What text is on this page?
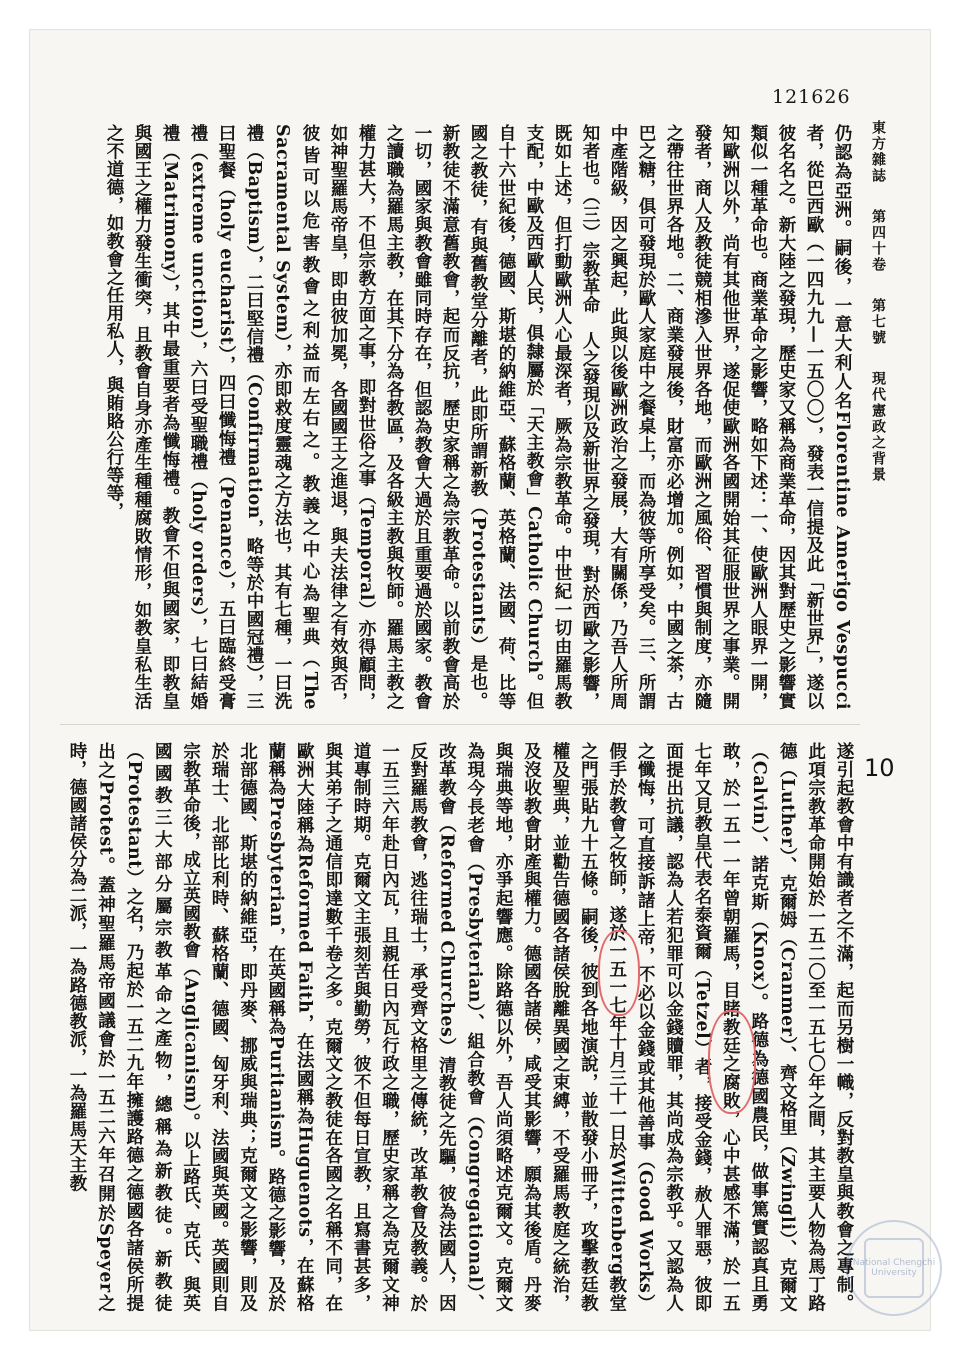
121626
東方雜誌 第四十卷 第七號 現代憲政之背景
仍認為亞洲。嗣後，一意大利人名Florentine Amerigo Vespucci者，從巴西歐（一四九九—一五〇〇），發表一信提及此「新世界」，遂以彼名名之。新大陸之發現，歷史家又稱為商業革命，因其對歷史之影響實類似一種革命也。商業革命之影響，略如下述：一、使歐洲人眼界一開，知歐洲以外，尚有其他世界，遂促使歐洲各國開始其征服世界之事業。開發者，商人及教徒競相滲入世界各地，而歐洲之風俗、習慣與制度，亦隨之帶往世界各地。二、商業發展後，財富亦必增加。例如，中國之茶，古巴之糖，俱可發現於歐人家庭中之餐桌上，而為彼等所享受矣。三、所謂中產階級，因之興起，此與以後歐洲政治之發展，大有關係，乃吾人所周知者也。（三）宗教革命　人之發現以及新世界之發現，對於西歐之影響，既如上述，但打動歐洲人心最深者，厥為宗教革命。中世紀一切由羅馬教支配，中歐及西歐人民，俱隸屬於「天主教會」Catholic Church。但自十六世紀後，德國、斯堪的納維亞、蘇格蘭、英格蘭、法國、荷、比等國之教徒，有與舊教堂分離者，此即所謂新教（Protestants）是也。新教徒不滿意舊教會，起而反抗，歷史家稱之為宗教革命。以前教會高於一切，國家與教會雖同時存在，但認為教會大過於且重要過於國家。教會之讀職為羅馬主教，在其下分為各教區，及各級主教與牧師。羅馬主教之權力甚大，不但宗教方面之事，即對世俗之事（Temporal）亦得顧問，如神聖羅馬帝皇，即由彼加冕，各國國王之進退，與夫法律之有效與否，彼皆可以危害教會之利益而左右之。教義之中心為聖典（The Sacramental System），亦即救度靈魂之方法也，其有七種，一曰洗禮（Baptism），二曰堅信禮（Confirmation，略等於中國冠禮），三曰聖餐（holy eucharist），四曰懺悔禮（Penance），五曰臨終受膏禮（extreme unction），六曰受聖職禮（holy orders），七曰結婚禮（Matrimony），其中最重要者為懺悔禮。教會不但與國家，即教皇與國王之權力發生衝突，且教會自身亦產生種種腐敗情形，如教皇私生活之不道德，如教會之任用私人，與賄賂公行等等，
遂引起教會中有識者之不滿，起而另樹一幟，反對教皇與教會之專制。此項宗教革命開始於一五二〇至一五七〇年之間，其主要人物為馬丁路德（Luther）、克爾姆（Cranmer）、齊文格里（Zwingli）、克爾文（Calvin）、諾克斯（Knox）。路德為德國農民，做事篤實認真且勇敢，於一五一一年曾朝羅馬，目睹教廷之腐敗，心中甚感不滿，於一五七年又見教皇代表名泰資爾（Tetzel）者，接受金錢，赦人罪惡，彼即面提出抗議，認為人若犯罪可以金錢贖罪，其尚成為宗教乎。又認為人之懺悔，可直接訴諸上帝，不必以金錢或其他善事（Good Works）假手於教會之牧師，遂於一五一七年十月三十一日於Wittenberg教堂之門張貼九十五條。嗣後，彼到各地演說，並散發小冊子，攻擊教廷教權及聖典，並勸告德國各諸侯脫離異國之束縛，不受羅馬教庭之統治，及沒收教會財產與權力。德國各諸侯，咸受其影響，願為其後盾。丹麥與瑞典等地，亦爭起響應。除路德以外，吾人尚須略述克爾文。克爾文為現今長老會（Presbyterian）、組合教會（Congregational）、改革教會（Reformed Churches）清教徒之先驅，彼為法國人，因反對羅馬教會，逃往瑞士，承受齊文格里之傳統，改革教會及教義。於一五三六年赴日內瓦，且親任日內瓦行政之職，歷史家稱之為克爾文神道專制時期。克爾文主張刻苦與勤勞，彼不但每日宣教，且寫書甚多，與其弟子之通信即達數千卷之多。克爾文之教徒在各國之名稱不同，在歐洲大陸稱為Reformed Faith，在法國稱為Huguenots，在蘇格蘭稱為Presbyterian，在英國稱為Puritanism。路德之影響，及於北部德國、斯堪的納維亞，即丹麥、挪威與瑞典；克爾文之影響，則及於瑞士、北部比利時、蘇格蘭、德國、匈牙利、法國與英國。英國則自宗教革命後，成立英國教會（Anglicanism）。以上路氏、克氏、與英國國教三大部分屬宗教革命之產物，總稱為新教徒。新教徒（Protestant）之名，乃起於一五二九年擁護路德之德國各諸侯所提出之Protest。蓋神聖羅馬帝國議會於一五二六年召開於Speyer之時，德國諸侯分為二派，一為路德教派，一為羅馬天主教	10
National Chengchi University
